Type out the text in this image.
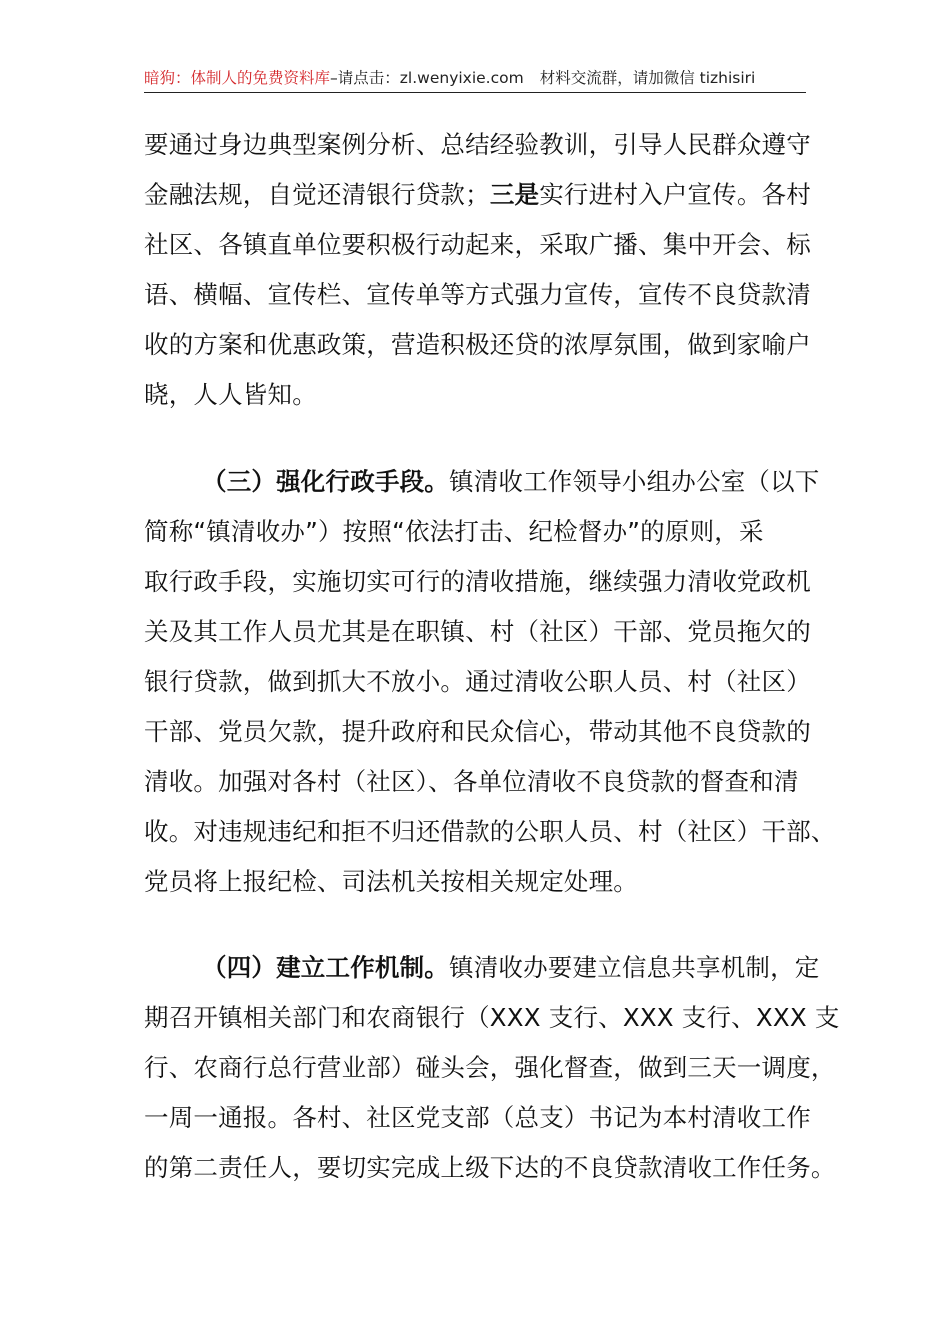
暗狗：体制人的免费资料库–请点击：zl.wenyixie.com 材料交流群，请加微信 tizhisiri
要通过身边典型案例分析、总结经验教训，引导人民群众遵守
金融法规，自觉还清银行贷款；三是实行进村入户宣传。各村
社区、各镇直单位要积极行动起来，采取广播、集中开会、标
语、横幅、宣传栏、宣传单等方式强力宣传，宣传不良贷款清
收的方案和优惠政策，营造积极还贷的浓厚氛围，做到家喻户
晓，人人皆知。
（三）强化行政手段。镇清收工作领导小组办公室（以下
简称“镇清收办”）按照“依法打击、纪检督办”的原则，采
取行政手段，实施切实可行的清收措施，继续强力清收党政机
关及其工作人员尤其是在职镇、村（社区）干部、党员拖欠的
银行贷款，做到抓大不放小。通过清收公职人员、村（社区）
干部、党员欠款，提升政府和民众信心，带动其他不良贷款的
清收。加强对各村（社区）、各单位清收不良贷款的督查和清
收。对违规违纪和拒不归还借款的公职人员、村（社区）干部、
党员将上报纪检、司法机关按相关规定处理。
（四）建立工作机制。镇清收办要建立信息共享机制，定
期召开镇相关部门和农商银行（XXX 支行、XXX 支行、XXX 支
行、农商行总行营业部）碰头会，强化督查，做到三天一调度，
一周一通报。各村、社区党支部（总支）书记为本村清收工作
的第二责任人，要切实完成上级下达的不良贷款清收工作任务。
